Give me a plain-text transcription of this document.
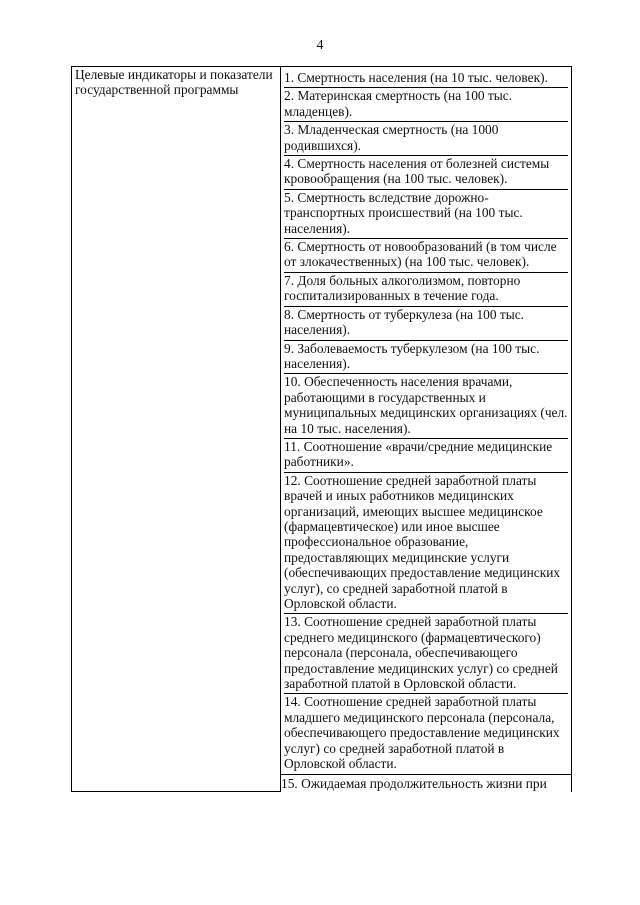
4
Целевые индикаторы и показатели государственной программы	
1. Смертность населения (на 10 тыс. человек).
2. Материнская смертность (на 100 тыс. младенцев).
3. Младенческая смертность (на 1000 родившихся).
4. Смертность населения от болезней системы кровообращения (на 100 тыс. человек).
5. Смертность вследствие дорожно-транспортных происшествий (на 100 тыс. населения).
6. Смертность от новообразований (в том числе от злокачественных) (на 100 тыс. человек).
7. Доля больных алкоголизмом, повторно госпитализированных в течение года.
8. Смертность от туберкулеза (на 100 тыс. населения).
9. Заболеваемость туберкулезом (на 100 тыс. населения).
10. Обеспеченность населения врачами, работающими в государственных и муниципальных медицинских организациях (чел. на 10 тыс. населения).
11. Соотношение «врачи/средние медицинские работники».
12. Соотношение средней заработной платы врачей и иных работников медицинских организаций, имеющих высшее медицинское (фармацевтическое) или иное высшее профессиональное образование, предоставляющих медицинские услуги (обеспечивающих предоставление медицинских услуг), со средней заработной платой в Орловской области.
13. Соотношение средней заработной платы среднего медицинского (фармацевтического) персонала (персонала, обеспечивающего предоставление медицинских услуг) со средней заработной платой в Орловской области.
14. Соотношение средней заработной платы младшего медицинского персонала (персонала, обеспечивающего предоставление медицинских услуг) со средней заработной платой в Орловской области.

15. Ожидаемая продолжительность жизни при
